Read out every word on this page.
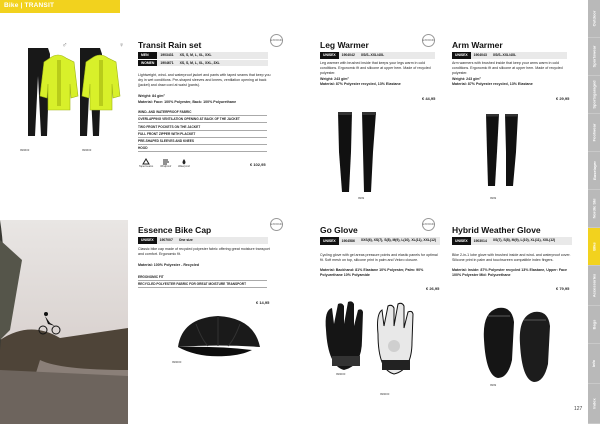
Bike | TRANSIT
999603	999603
♂	♀
EXPAND
Transit Rain set
MEN	1903431	XS, S, M, L, XL, XXL
WOMEN	1904671	XS, S, M, L, XL, XXL, 3XL
Lightweight, wind- and waterproof jacket and pants with taped seams that keep you dry in wet conditions. Pre-shaped sleeves and knees, ventilation opening at back (jacket) and draw cord at waist (pants).
Weight: 84 g/m²
Material: Face: 100% Polyester, Back: 100% Polyurethane
WIND- AND WATERPROOF FABRIC
OVERLAPPING VENTILATION OPENING AT BACK OF THE JACKET
TWO FRONT POCKETS ON THE JACKET
FULL FRONT ZIPPER WITH PLACKET
PRE-SHAPED SLEEVES AND KNEES
HOOD
Taped seams	Windproof	Waterproof	€ 102,95
EXPAND
Leg Warmer
UNISEX	1904042	XS/S–XXL/4XL
Leg warmer with brushed inside that keeps your legs warm in cold conditions. Ergonomic fit and silicone at upper hem. Made of recycled polyester.
Weight: 243 g/m²
Material: 87% Polyester recycled, 13% Elastane
€ 44,95
9999
Arm Warmer
UNISEX	1904043	XS/S–XXL/4XL
Arm warmers with brushed inside that keep your arms warm in cold conditions. Ergonomic fit and silicone at upper hem. Made of recycled polyester.
Weight: 243 g/m²
Material: 87% Polyester recycled, 13% Elastane
€ 29,95
9999
EXPAND
Essence Bike Cap
UNISEX	1907007	One size
Classic bike cap made of recycled polyester fabric offering great moisture transport and comfort. Ergonomic fit.
Material: 100% Polyester - Recycled
ERGONOMIC FIT
RECYCLED POLYESTER FABRIC FOR GREAT MOISTURE TRANSPORT
€ 14,95
999000
EXPAND
Go Glove
UNISEX	1904586	XXS(6), XS(7), S(8), M(9), L(10), XL(11), XXL(12)
Cycling glove with gel areas pressure points and elastic panels for optimal fit. Soft mesh on top, silicone print in palm and Velcro closure.
Material: Backhand: 81% Elastane 10% Polyester, Palm: 90% Polyurethane 10% Polyamide
€ 26,95
999000
999000
Hybrid Weather Glove
UNISEX	1903014	XS(7), S(8), M(9), L(10), XL(11), XXL(12)
Bike 2-in-1 lobe glove with brushed inside and wind- and waterproof cover. Silicone print in palm and touchscreen compatible index fingers.
Material: Inside: 87% Polyester recycled 13% Elastane, Upper: Face 100% Polyester Mid: Polyurethane
€ 79,95
9999
127
Outdoor
Sportswear
Sportsgaraged
Footwear
Baselayer
Nordic Ski
Bike
Accessories
Bags
Info
Index
